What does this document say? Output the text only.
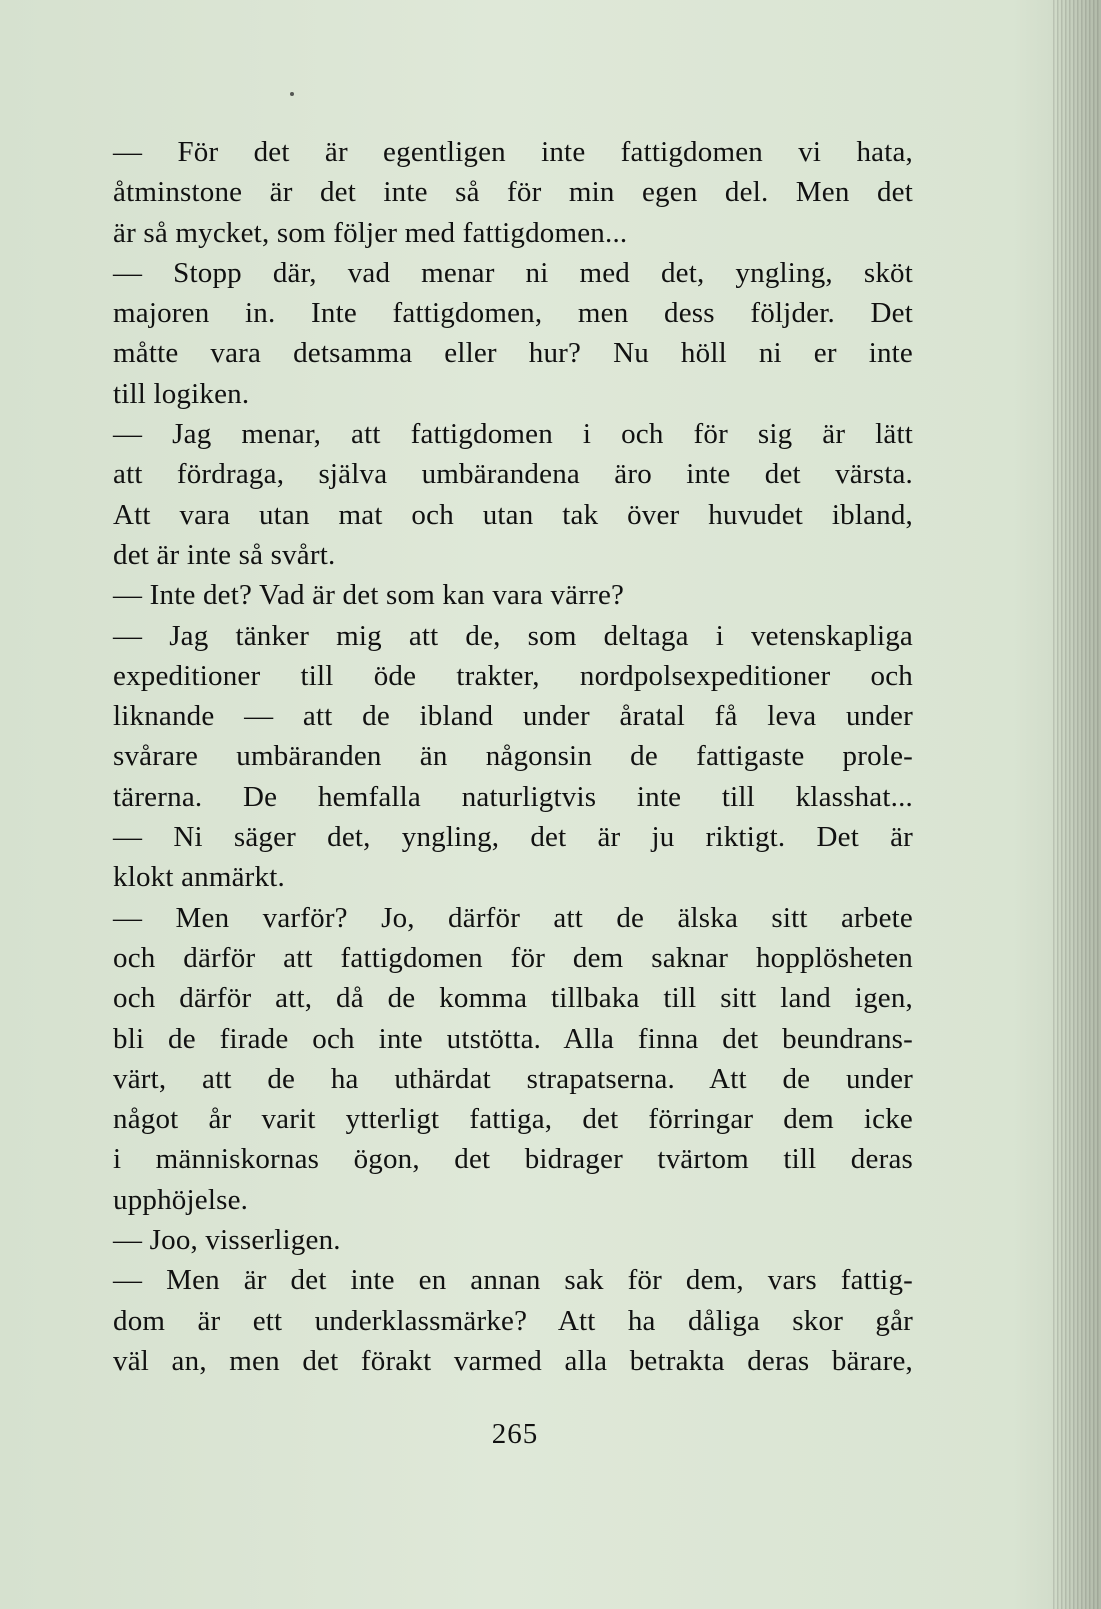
— För det är egentligen inte fattigdomen vi hata,
åtminstone är det inte så för min egen del. Men det
är så mycket, som följer med fattigdomen...
— Stopp där, vad menar ni med det, yngling, sköt
majoren in. Inte fattigdomen, men dess följder. Det
måtte vara detsamma eller hur? Nu höll ni er inte
till logiken.
— Jag menar, att fattigdomen i och för sig är lätt
att fördraga, själva umbärandena äro inte det värsta.
Att vara utan mat och utan tak över huvudet ibland,
det är inte så svårt.
— Inte det? Vad är det som kan vara värre?
— Jag tänker mig att de, som deltaga i vetenskapliga
expeditioner till öde trakter, nordpolsexpeditioner och
liknande — att de ibland under åratal få leva under
svårare umbäranden än någonsin de fattigaste prole-
tärerna. De hemfalla naturligtvis inte till klasshat...
— Ni säger det, yngling, det är ju riktigt. Det är
klokt anmärkt.
— Men varför? Jo, därför att de älska sitt arbete
och därför att fattigdomen för dem saknar hopplösheten
och därför att, då de komma tillbaka till sitt land igen,
bli de firade och inte utstötta. Alla finna det beundrans-
värt, att de ha uthärdat strapatserna. Att de under
något år varit ytterligt fattiga, det förringar dem icke
i människornas ögon, det bidrager tvärtom till deras
upphöjelse.
— Joo, visserligen.
— Men är det inte en annan sak för dem, vars fattig-
dom är ett underklassmärke? Att ha dåliga skor går
väl an, men det förakt varmed alla betrakta deras bärare,
265
